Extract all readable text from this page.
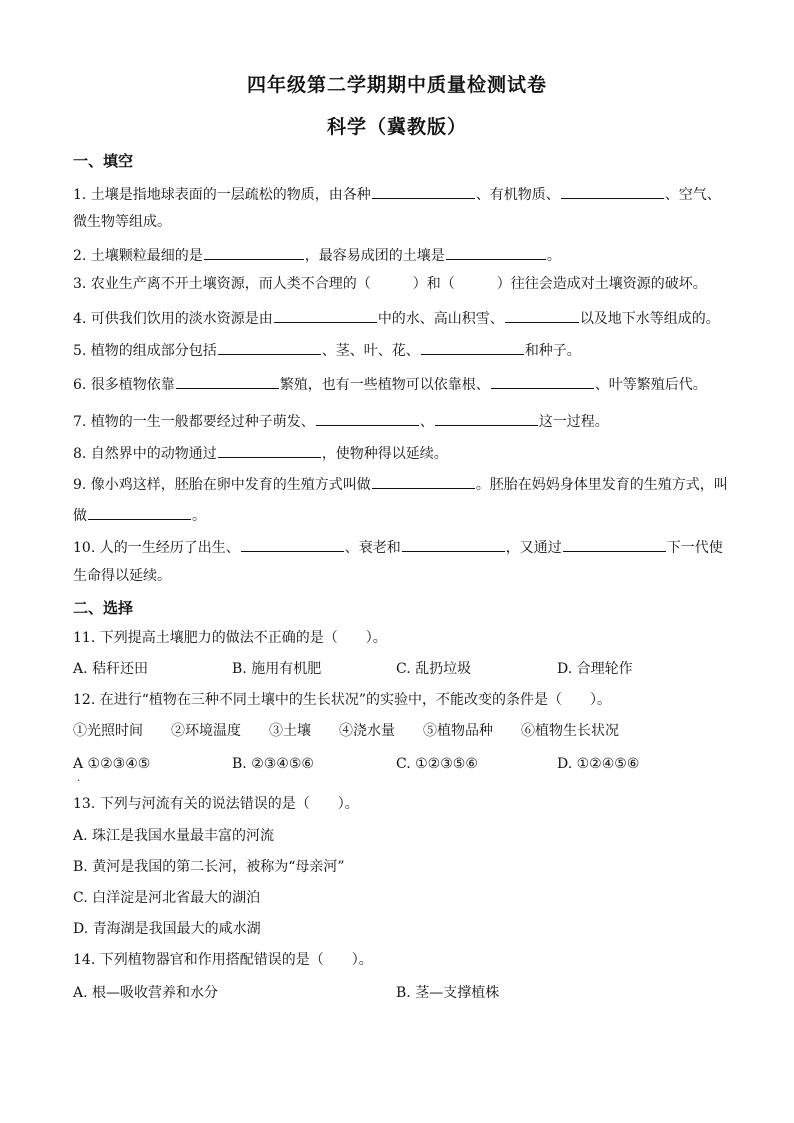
四年级第二学期期中质量检测试卷
科学（冀教版）
一、填空
1. 土壤是指地球表面的一层疏松的物质，由各种	、有机物质、	、空气、
微生物等组成。
2. 土壤颗粒最细的是	，最容易成团的土壤是	。
3. 农业生产离不开土壤资源，而人类不合理的（　　　）和（　　　）往往会造成对土壤资源的破坏。
4. 可供我们饮用的淡水资源是由	中的水、高山积雪、	以及地下水等组成的。
5. 植物的组成部分包括	、茎、叶、花、	和种子。
6. 很多植物依靠	繁殖，也有一些植物可以依靠根、	、叶等繁殖后代。
7. 植物的一生一般都要经过种子萌发、	、	这一过程。
8. 自然界中的动物通过	，使物种得以延续。
9. 像小鸡这样，胚胎在卵中发育的生殖方式叫做	。胚胎在妈妈身体里发育的生殖方式，叫
做	。
10. 人的一生经历了出生、	、衰老和	，又通过	下一代使
生命得以延续。
二、选择
11. 下列提高土壤肥力的做法不正确的是（　　）。
A. 秸秆还田	B. 施用有机肥	C. 乱扔垃圾	D. 合理轮作
12. 在进行“植物在三种不同土壤中的生长状况”的实验中，不能改变的条件是（　　）。
①光照时间　　②环境温度　　③土壤　　④浇水量　　⑤植物品种　　⑥植物生长状况
A ①②③④⑤
·
B. ②③④⑤⑥	C. ①②③⑤⑥	D. ①②④⑤⑥
13. 下列与河流有关的说法错误的是（　　）。
A. 珠江是我国水量最丰富的河流
B. 黄河是我国的第二长河，被称为“母亲河”
C. 白洋淀是河北省最大的湖泊
D. 青海湖是我国最大的咸水湖
14. 下列植物器官和作用搭配错误的是（　　）。
A. 根—吸收营养和水分	B. 茎—支撑植株
